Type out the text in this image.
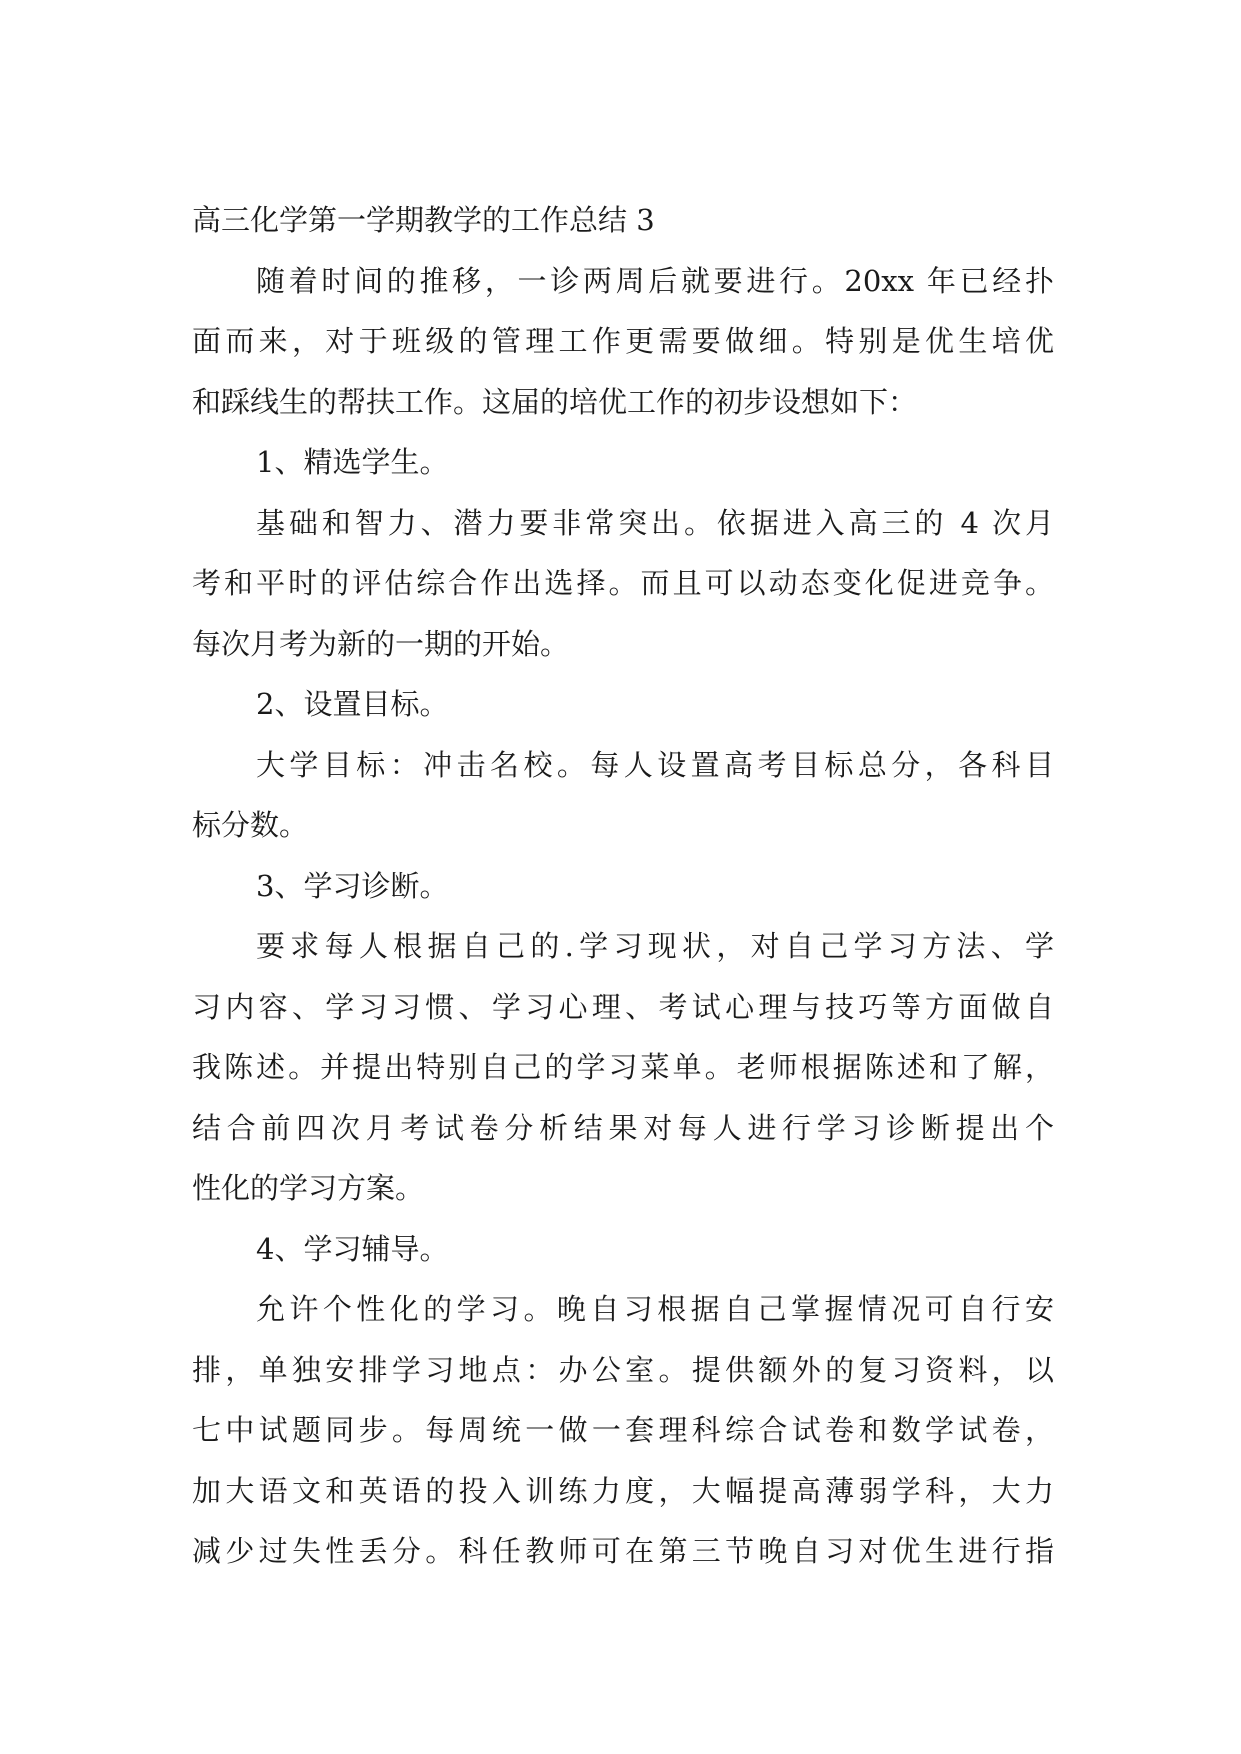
高三化学第一学期教学的工作总结 3
随着时间的推移，一诊两周后就要进行。20xx 年已经扑
面而来，对于班级的管理工作更需要做细。特别是优生培优
和踩线生的帮扶工作。这届的培优工作的初步设想如下：
1、精选学生。
基础和智力、潜力要非常突出。依据进入高三的 4 次月
考和平时的评估综合作出选择。而且可以动态变化促进竞争。
每次月考为新的一期的开始。
2、设置目标。
大学目标：冲击名校。每人设置高考目标总分，各科目
标分数。
3、学习诊断。
要求每人根据自己的.学习现状，对自己学习方法、学
习内容、学习习惯、学习心理、考试心理与技巧等方面做自
我陈述。并提出特别自己的学习菜单。老师根据陈述和了解，
结合前四次月考试卷分析结果对每人进行学习诊断提出个
性化的学习方案。
4、学习辅导。
允许个性化的学习。晚自习根据自己掌握情况可自行安
排，单独安排学习地点：办公室。提供额外的复习资料，以
七中试题同步。每周统一做一套理科综合试卷和数学试卷，
加大语文和英语的投入训练力度，大幅提高薄弱学科，大力
减少过失性丢分。科任教师可在第三节晚自习对优生进行指
